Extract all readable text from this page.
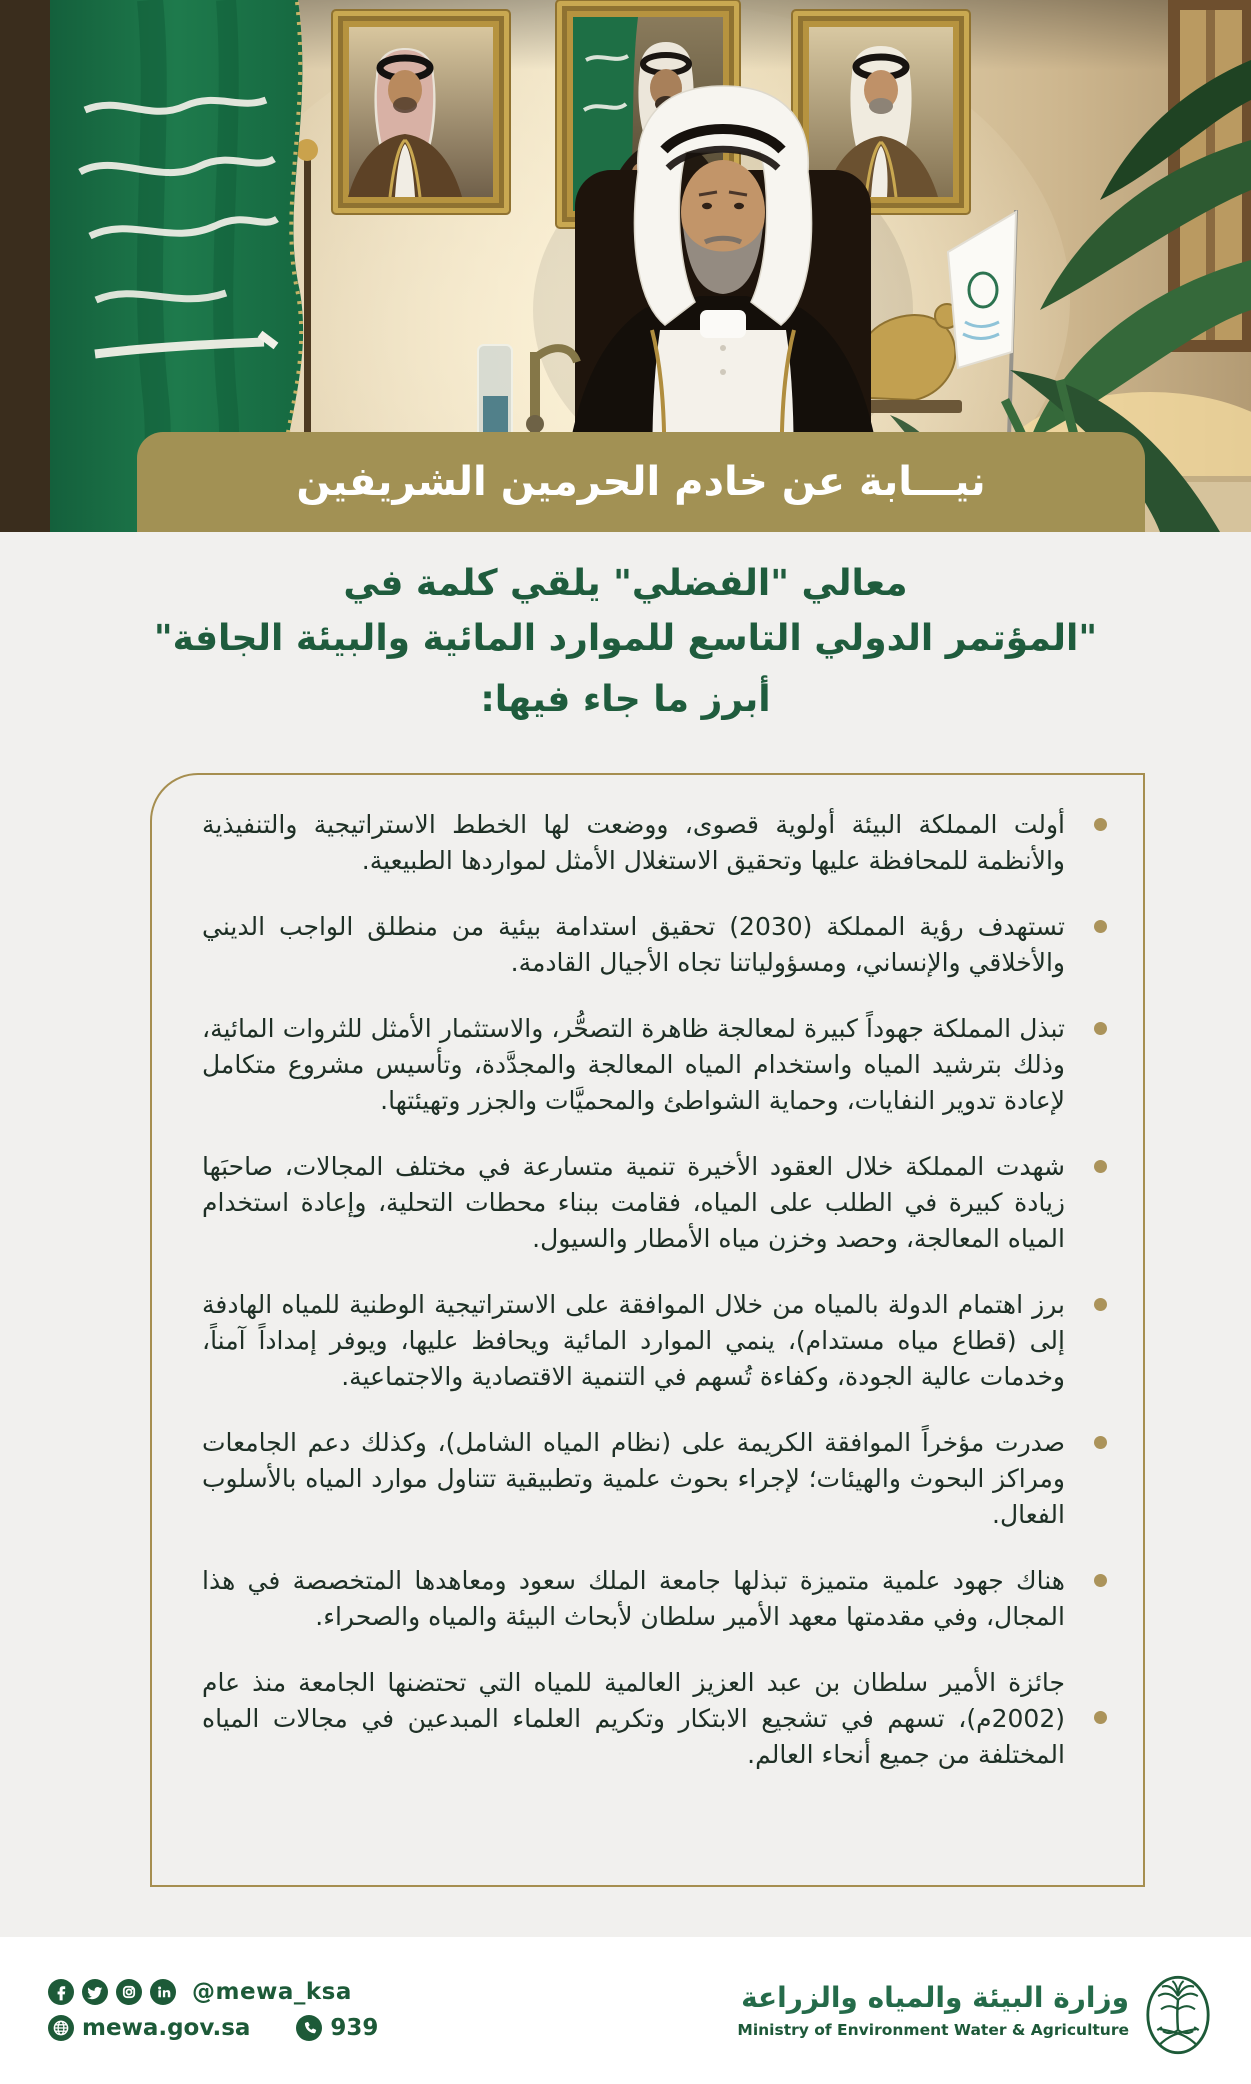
نيـــابة عن خادم الحرمين الشريفين
معالي "الفضلي" يلقي كلمة في
"المؤتمر الدولي التاسع للموارد المائية والبيئة الجافة"
أبرز ما جاء فيها:
أولت المملكة البيئة أولوية قصوى، ووضعت لها الخطط الاستراتيجية والتنفيذية والأنظمة للمحافظة عليها وتحقيق الاستغلال الأمثل لمواردها الطبيعية.
تستهدف رؤية المملكة (2030) تحقيق استدامة بيئية من منطلق الواجب الديني والأخلاقي والإنساني، ومسؤولياتنا تجاه الأجيال القادمة.
تبذل المملكة جهوداً كبيرة لمعالجة ظاهرة التصحُّر، والاستثمار الأمثل للثروات المائية، وذلك بترشيد المياه واستخدام المياه المعالجة والمجدَّدة، وتأسيس مشروع متكامل لإعادة تدوير النفايات، وحماية الشواطئ والمحميَّات والجزر وتهيئتها.
شهدت المملكة خلال العقود الأخيرة تنمية متسارعة في مختلف المجالات، صاحبَها زيادة كبيرة في الطلب على المياه، فقامت ببناء محطات التحلية، وإعادة استخدام المياه المعالجة، وحصد وخزن مياه الأمطار والسيول.
برز اهتمام الدولة بالمياه من خلال الموافقة على الاستراتيجية الوطنية للمياه الهادفة إلى (قطاع مياه مستدام)، ينمي الموارد المائية ويحافظ عليها، ويوفر إمداداً آمناً، وخدمات عالية الجودة، وكفاءة تُسهم في التنمية الاقتصادية والاجتماعية.
صدرت مؤخراً الموافقة الكريمة على (نظام المياه الشامل)، وكذلك دعم الجامعات ومراكز البحوث والهيئات؛ لإجراء بحوث علمية وتطبيقية تتناول موارد المياه بالأسلوب الفعال.
هناك جهود علمية متميزة تبذلها جامعة الملك سعود ومعاهدها المتخصصة في هذا المجال، وفي مقدمتها معهد الأمير سلطان لأبحاث البيئة والمياه والصحراء.
جائزة الأمير سلطان بن عبد العزيز العالمية للمياه التي تحتضنها الجامعة منذ عام (2002م)، تسهم في تشجيع الابتكار وتكريم العلماء المبدعين في مجالات المياه المختلفة من جميع أنحاء العالم.
@mewa_ksa
mewa.gov.sa	939
وزارة البيئة والمياه والزراعة
Ministry of Environment Water & Agriculture
